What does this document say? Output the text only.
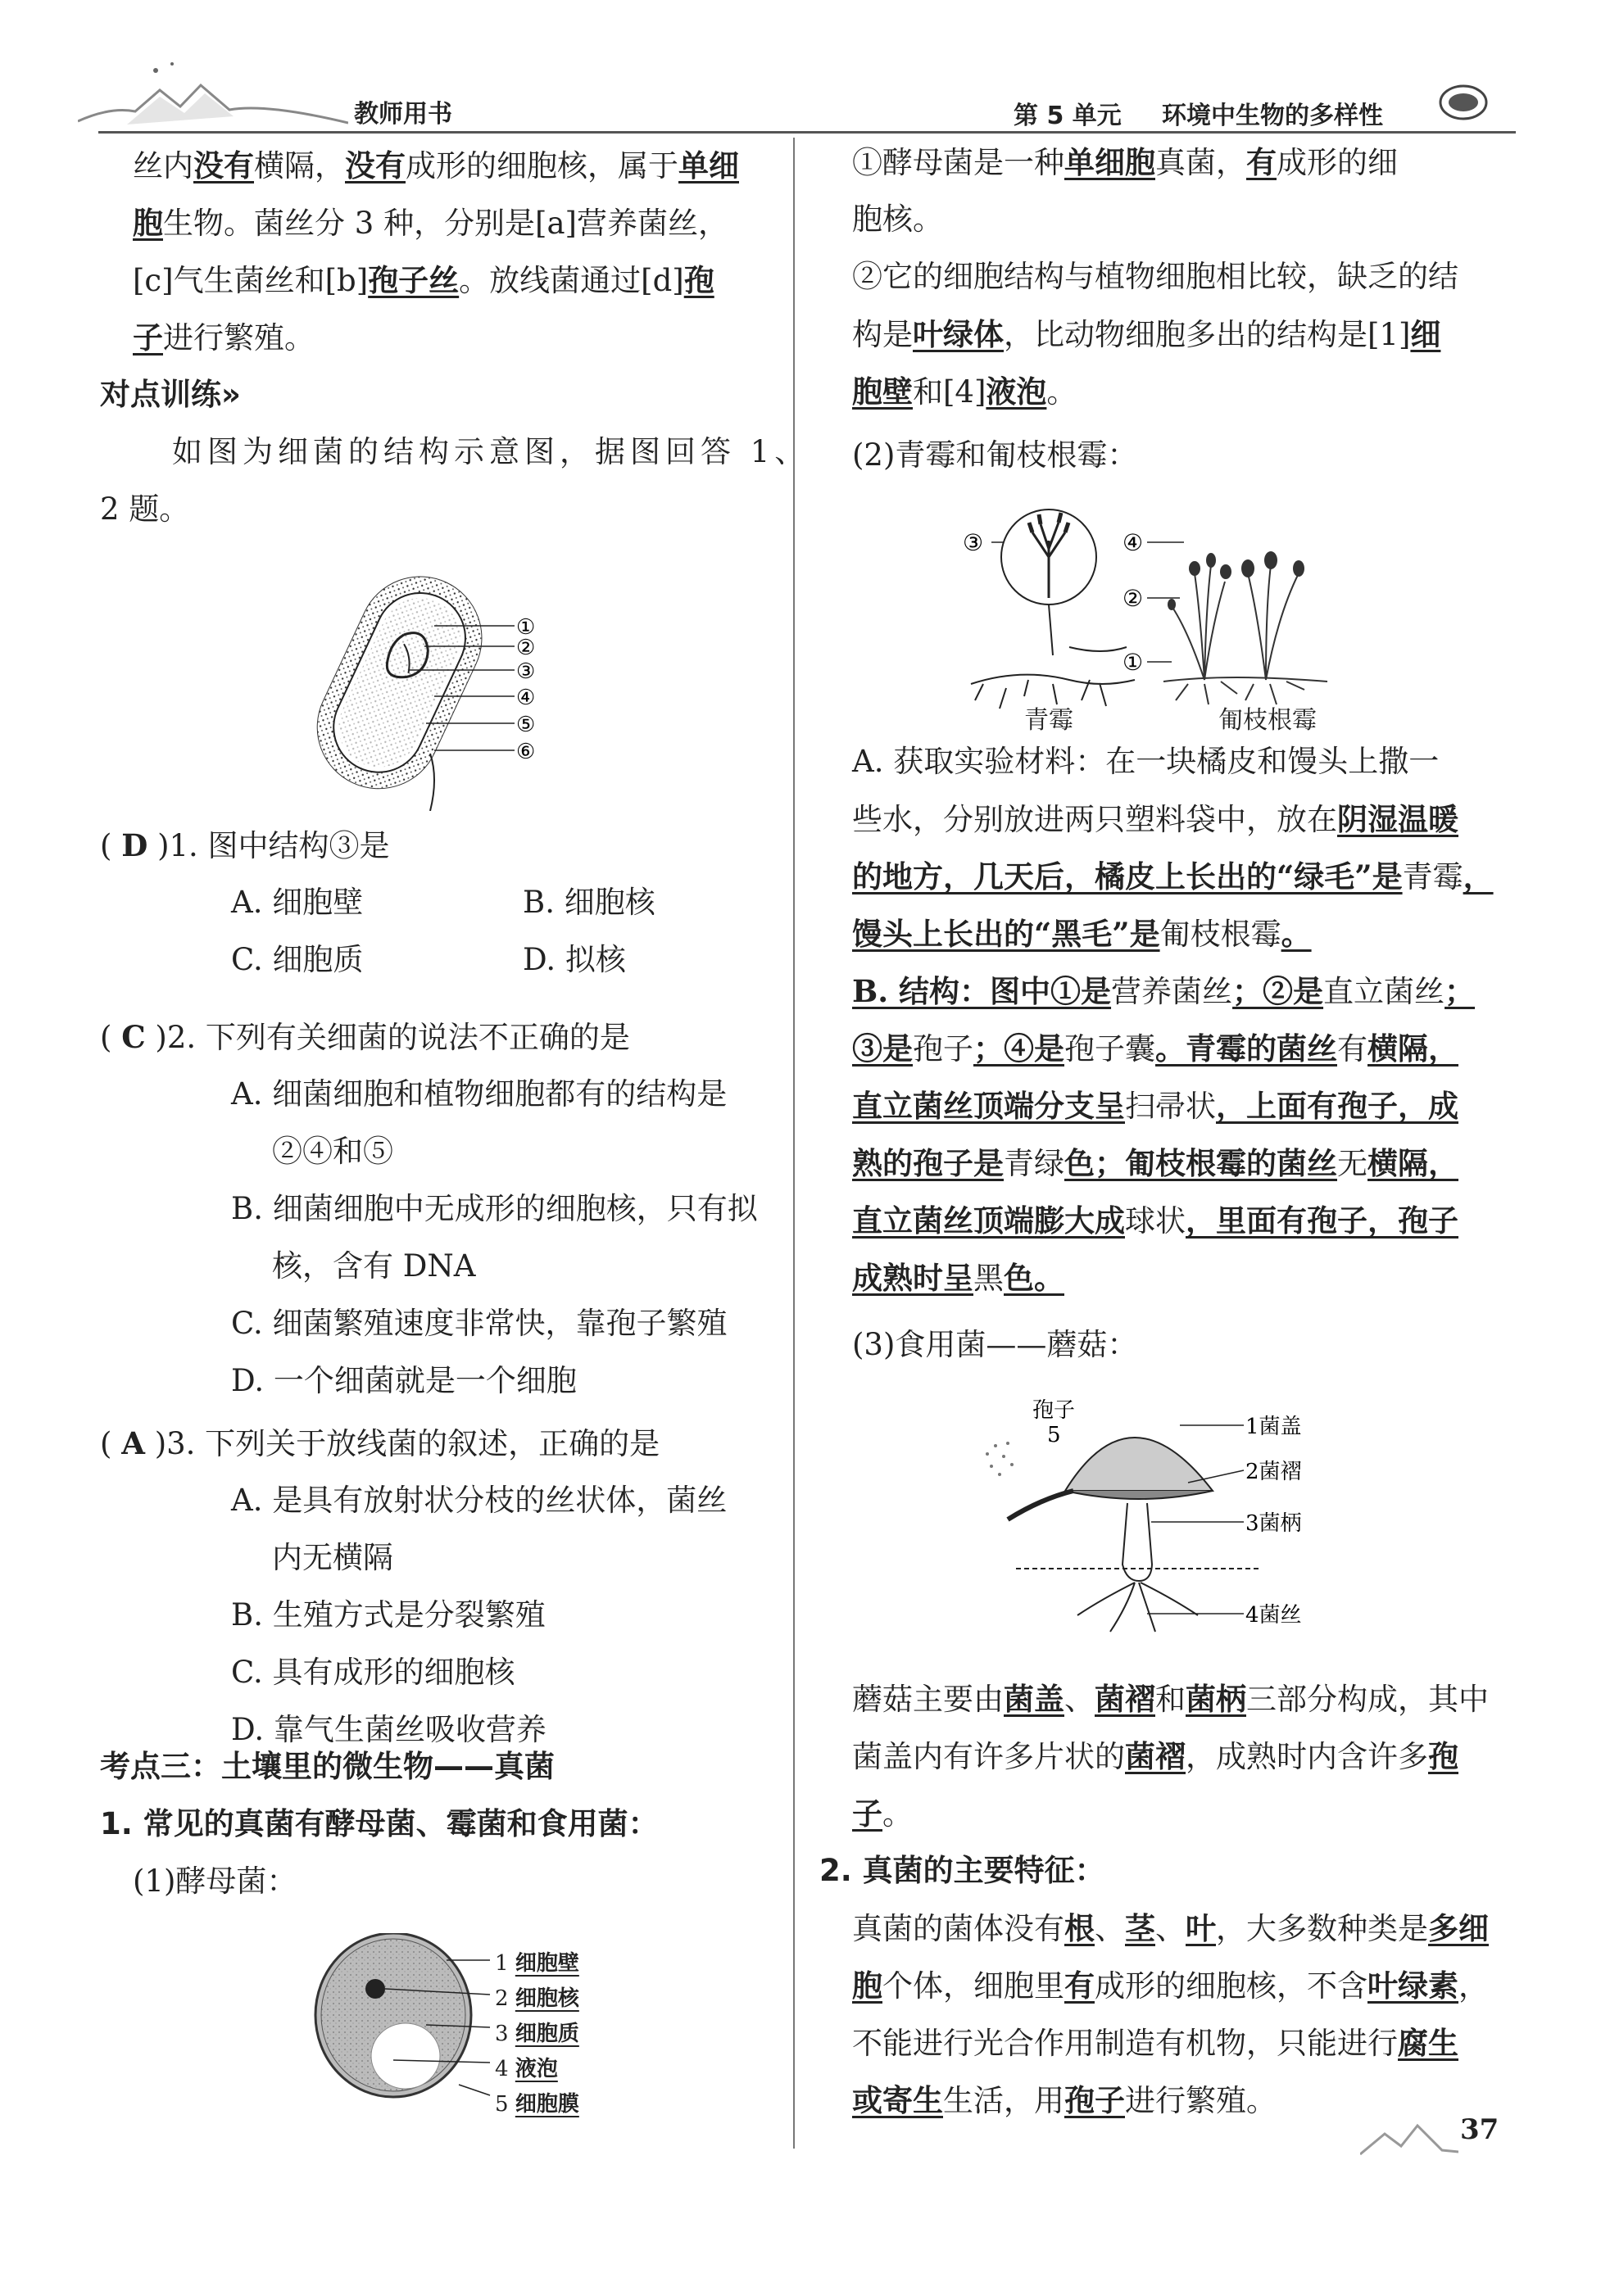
教师用书	第 5 单元 环境中生物的多样性
丝内没有横隔，没有成形的细胞核，属于单细
胞生物。菌丝分 3 种，分别是[a]营养菌丝，
[c]气生菌丝和[b]孢子丝。放线菌通过[d]孢
子进行繁殖。
对点训练»
如图为细菌的结构示意图，据图回答 1、
2 题。
①
②
③
④
⑤
⑥
( D )1. 图中结构③是
A. 细胞壁	B. 细胞核
C. 细胞质	D. 拟核
( C )2. 下列有关细菌的说法不正确的是
A. 细菌细胞和植物细胞都有的结构是
②④和⑤
B. 细菌细胞中无成形的细胞核，只有拟
核，含有 DNA
C. 细菌繁殖速度非常快，靠孢子繁殖
D. 一个细菌就是一个细胞
( A )3. 下列关于放线菌的叙述，正确的是
A. 是具有放射状分枝的丝状体，菌丝
内无横隔
B. 生殖方式是分裂繁殖
C. 具有成形的细胞核
D. 靠气生菌丝吸收营养
考点三：土壤里的微生物——真菌
1. 常见的真菌有酵母菌、霉菌和食用菌：
(1)酵母菌：
1 细胞壁
2 细胞核
3 细胞质
4 液泡
5 细胞膜
①酵母菌是一种单细胞真菌，有成形的细
胞核。
②它的细胞结构与植物细胞相比较，缺乏的结
构是叶绿体，比动物细胞多出的结构是[1]细
胞壁和[4]液泡。
(2)青霉和匍枝根霉：
③	④
②
①
青霉	匍枝根霉
A. 获取实验材料：在一块橘皮和馒头上撒一
些水，分别放进两只塑料袋中，放在阴湿温暖
的地方，几天后，橘皮上长出的“绿毛”是青霉，
馒头上长出的“黑毛”是匍枝根霉。
B. 结构：图中①是营养菌丝；②是直立菌丝；
③是孢子；④是孢子囊。青霉的菌丝有横隔，
直立菌丝顶端分支呈扫帚状，上面有孢子，成
熟的孢子是青绿色；匍枝根霉的菌丝无横隔，
直立菌丝顶端膨大成球状，里面有孢子，孢子
成熟时呈黑色。
(3)食用菌——蘑菇：
孢子
5	1菌盖
2菌褶
3菌柄
4菌丝
蘑菇主要由菌盖、菌褶和菌柄三部分构成，其中
菌盖内有许多片状的菌褶，成熟时内含许多孢
子。
2. 真菌的主要特征：
真菌的菌体没有根、茎、叶，大多数种类是多细
胞个体，细胞里有成形的细胞核，不含叶绿素，
不能进行光合作用制造有机物，只能进行腐生
或寄生生活，用孢子进行繁殖。
37
